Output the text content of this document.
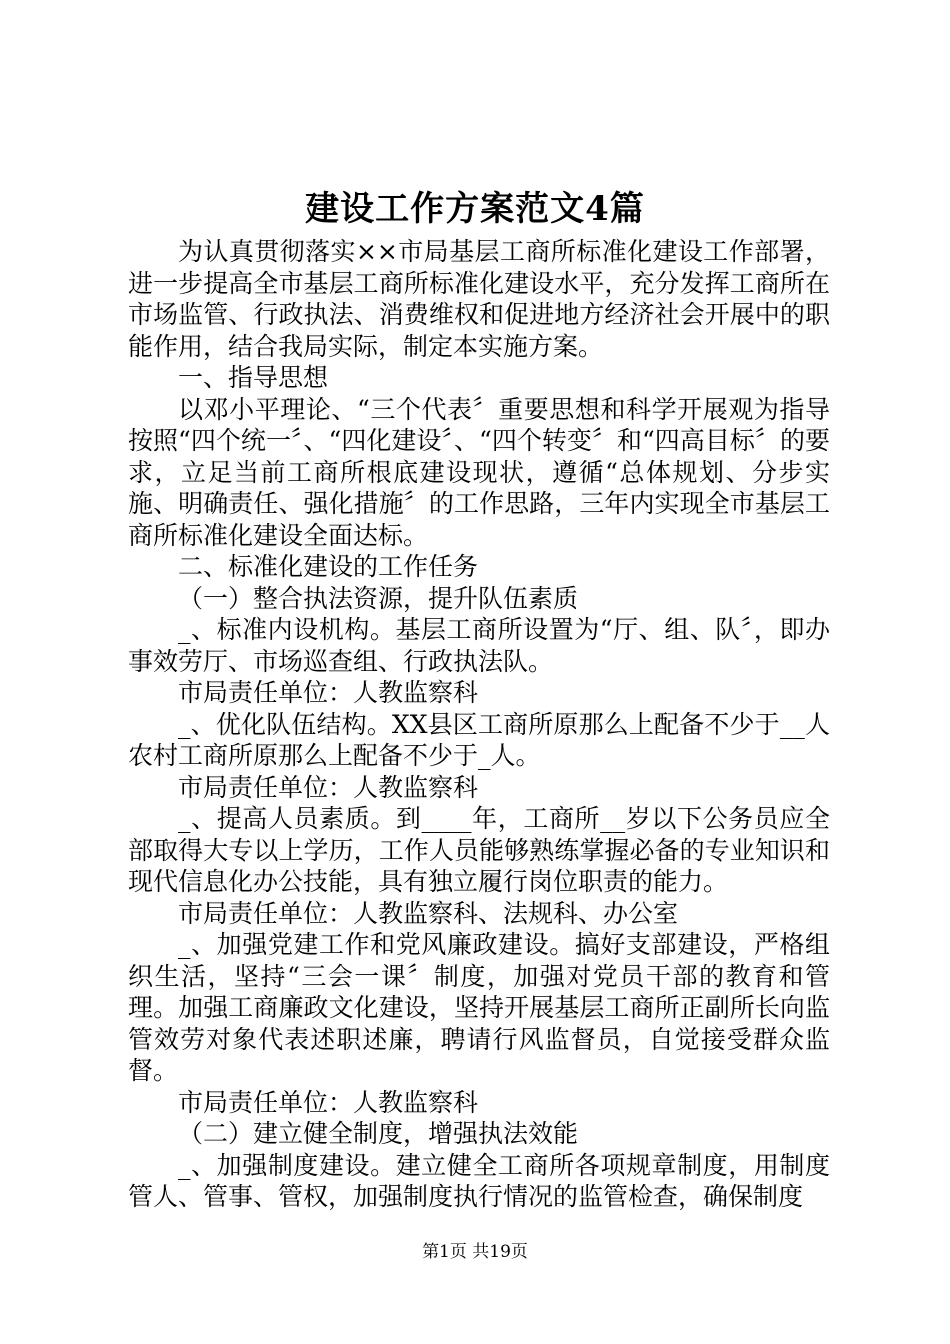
建设工作方案范文4篇

为认真贯彻落实××市局基层工商所标准化建设工作部署，进一步提高全市基层工商所标准化建设水平，充分发挥工商所在市场监管、行政执法、消费维权和促进地方经济社会开展中的职能作用，结合我局实际，制定本实施方案。

一、指导思想

以邓小平理论、“三个代表〞重要思想和科学开展观为指导按照“四个统一〞、“四化建设〞、“四个转变〞和“四高目标〞的要求，立足当前工商所根底建设现状，遵循“总体规划、分步实施、明确责任、强化措施〞的工作思路，三年内实现全市基层工商所标准化建设全面达标。

二、标准化建设的工作任务

（一）整合执法资源，提升队伍素质

_、标准内设机构。基层工商所设置为“厅、组、队〞，即办事效劳厅、市场巡查组、行政执法队。

市局责任单位：人教监察科

_、优化队伍结构。XX县区工商所原那么上配备不少于__人农村工商所原那么上配备不少于_人。

市局责任单位：人教监察科

_、提高人员素质。到____年，工商所__岁以下公务员应全部取得大专以上学历，工作人员能够熟练掌握必备的专业知识和现代信息化办公技能，具有独立履行岗位职责的能力。

市局责任单位：人教监察科、法规科、办公室

_、加强党建工作和党风廉政建设。搞好支部建设，严格组织生活，坚持“三会一课〞制度，加强对党员干部的教育和管理。加强工商廉政文化建设，坚持开展基层工商所正副所长向监管效劳对象代表述职述廉，聘请行风监督员，自觉接受群众监督。

市局责任单位：人教监察科

（二）建立健全制度，增强执法效能

_、加强制度建设。建立健全工商所各项规章制度，用制度管人、管事、管权，加强制度执行情况的监管检查，确保制度

第1页 共19页
